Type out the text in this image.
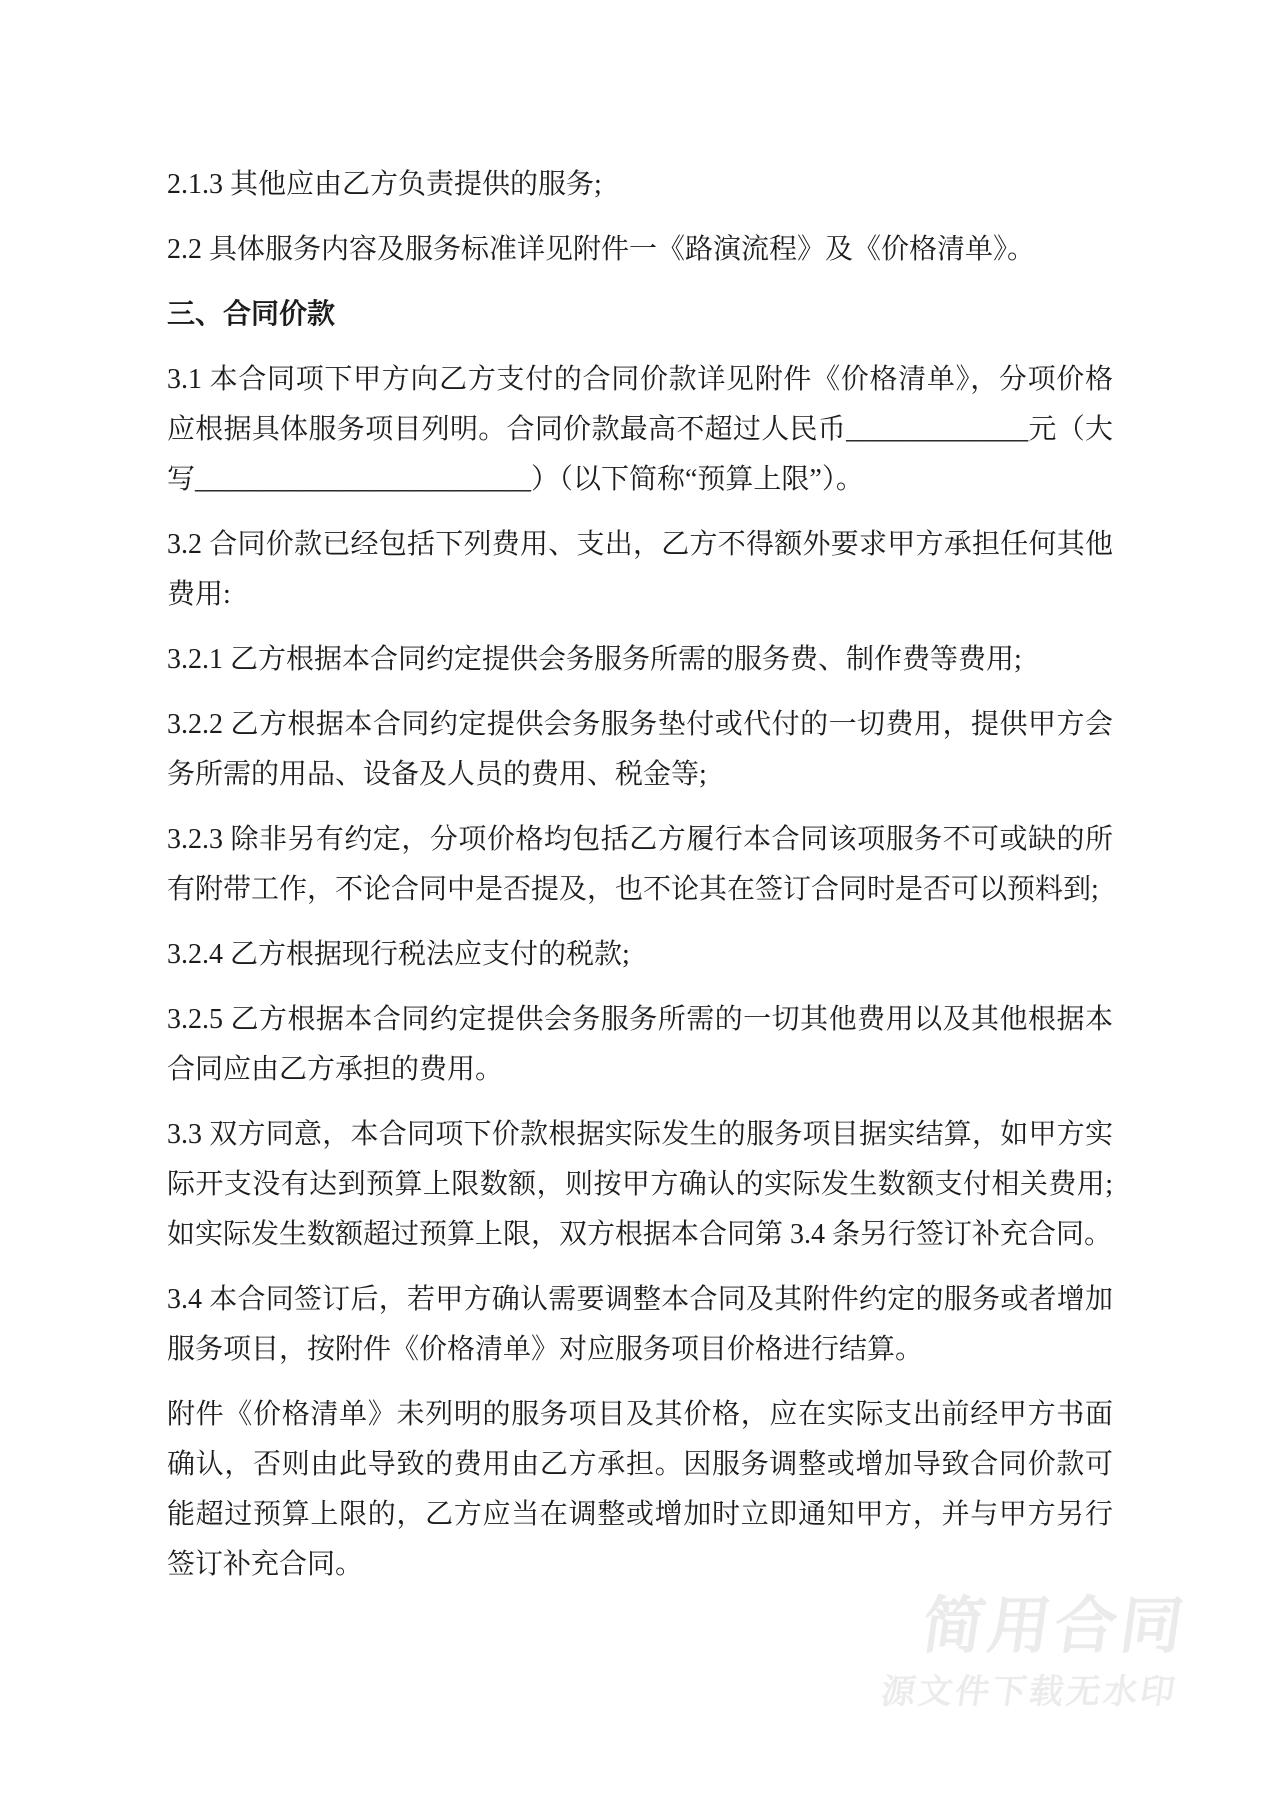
2.1.3 其他应由乙方负责提供的服务;

2.2 具体服务内容及服务标准详见附件一《路演流程》及《价格清单》。

三、合同价款

3.1 本合同项下甲方向乙方支付的合同价款详见附件《价格清单》，分项价格应根据具体服务项目列明。合同价款最高不超过人民币_____________元（大写________________________）（以下简称“预算上限”）。

3.2 合同价款已经包括下列费用、支出，乙方不得额外要求甲方承担任何其他费用:

3.2.1 乙方根据本合同约定提供会务服务所需的服务费、制作费等费用;

3.2.2 乙方根据本合同约定提供会务服务垫付或代付的一切费用，提供甲方会务所需的用品、设备及人员的费用、税金等;

3.2.3 除非另有约定，分项价格均包括乙方履行本合同该项服务不可或缺的所有附带工作，不论合同中是否提及，也不论其在签订合同时是否可以预料到;

3.2.4 乙方根据现行税法应支付的税款;

3.2.5 乙方根据本合同约定提供会务服务所需的一切其他费用以及其他根据本合同应由乙方承担的费用。

3.3 双方同意，本合同项下价款根据实际发生的服务项目据实结算，如甲方实际开支没有达到预算上限数额，则按甲方确认的实际发生数额支付相关费用;如实际发生数额超过预算上限，双方根据本合同第 3.4 条另行签订补充合同。

3.4 本合同签订后，若甲方确认需要调整本合同及其附件约定的服务或者增加服务项目，按附件《价格清单》对应服务项目价格进行结算。

附件《价格清单》未列明的服务项目及其价格，应在实际支出前经甲方书面确认，否则由此导致的费用由乙方承担。因服务调整或增加导致合同价款可能超过预算上限的，乙方应当在调整或增加时立即通知甲方，并与甲方另行签订补充合同。

简用合同
源文件下载无水印
